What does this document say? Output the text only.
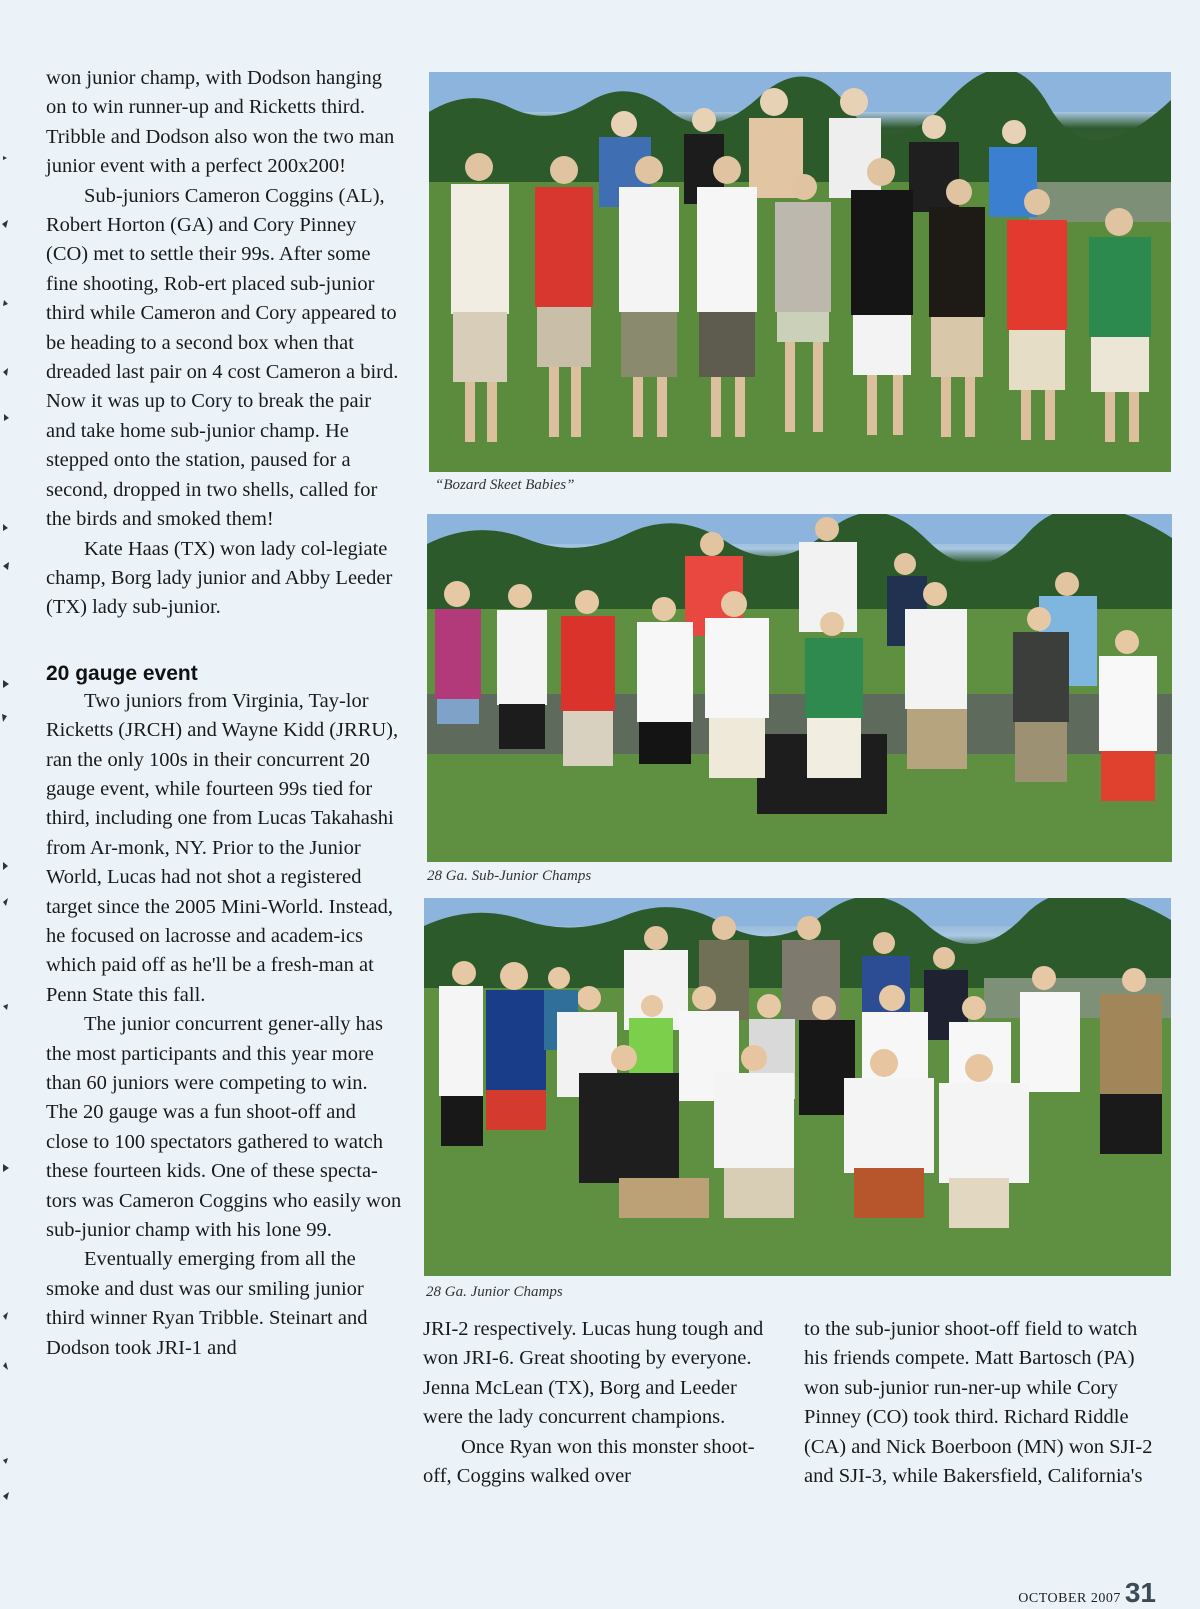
won junior champ, with Dodson hanging on to win runner-up and Ricketts third. Tribble and Dodson also won the two man junior event with a perfect 200x200!

Sub-juniors Cameron Coggins (AL), Robert Horton (GA) and Cory Pinney (CO) met to settle their 99s. After some fine shooting, Rob-ert placed sub-junior third while Cameron and Cory appeared to be heading to a second box when that dreaded last pair on 4 cost Cameron a bird. Now it was up to Cory to break the pair and take home sub-junior champ. He stepped onto the station, paused for a second, dropped in two shells, called for the birds and smoked them!

Kate Haas (TX) won lady col-legiate champ, Borg lady junior and Abby Leeder (TX) lady sub-junior.

20 gauge event

Two juniors from Virginia, Tay-lor Ricketts (JRCH) and Wayne Kidd (JRRU), ran the only 100s in their concurrent 20 gauge event, while fourteen 99s tied for third, including one from Lucas Takahashi from Ar-monk, NY. Prior to the Junior World, Lucas had not shot a registered target since the 2005 Mini-World. Instead, he focused on lacrosse and academ-ics which paid off as he'll be a fresh-man at Penn State this fall.

The junior concurrent gener-ally has the most participants and this year more than 60 juniors were competing to win. The 20 gauge was a fun shoot-off and close to 100 spectators gathered to watch these fourteen kids. One of these specta-tors was Cameron Coggins who easily won sub-junior champ with his lone 99.

Eventually emerging from all the smoke and dust was our smiling junior third winner Ryan Tribble. Steinart and Dodson took JRI-1 and

“Bozard Skeet Babies”
28 Ga. Sub-Junior Champs
28 Ga. Junior Champs

JRI-2 respectively. Lucas hung tough and won JRI-6. Great shooting by everyone. Jenna McLean (TX), Borg and Leeder were the lady concurrent champions.

Once Ryan won this monster shoot-off, Coggins walked over

to the sub-junior shoot-off field to watch his friends compete. Matt Bartosch (PA) won sub-junior run-ner-up while Cory Pinney (CO) took third. Richard Riddle (CA) and Nick Boerboon (MN) won SJI-2 and SJI-3, while Bakersfield, California's

OCTOBER 2007 31
